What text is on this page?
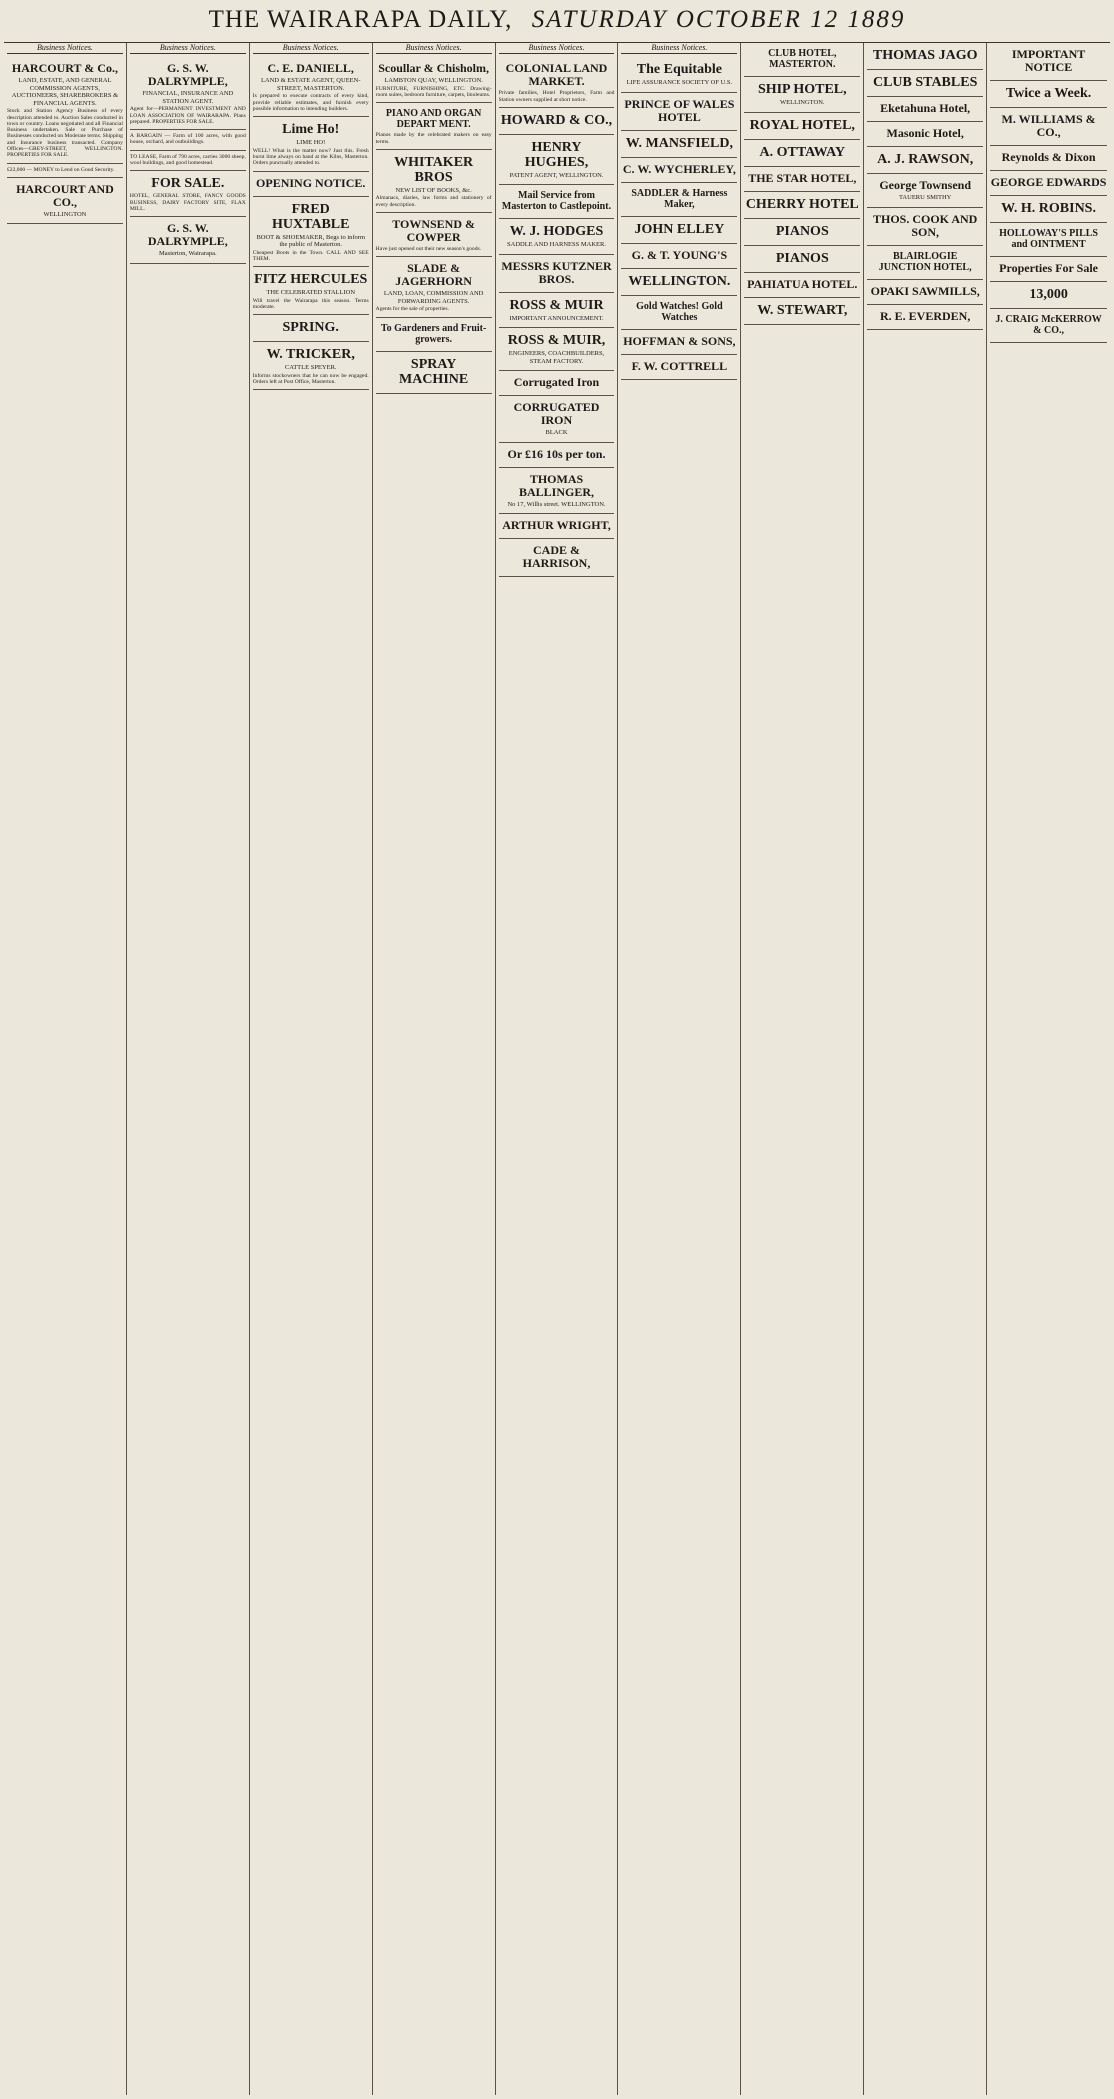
THE WAIRARAPA DAILY, SATURDAY OCTOBER 12 1889
Business Notices.
HARCOURT & Co.,
LAND, ESTATE, AND GENERAL COMMISSION AGENTS, AUCTIONEERS, SHAREBROKERS & FINANCIAL AGENTS.
Stock and Station Agency Business of every description attended to. Auction Sales conducted in town or country. Loans negotiated and all Financial Business undertaken. Sale or Purchase of Businesses conducted on Moderate terms. Shipping and Insurance business transacted. Company Offices—GREY-STREET, WELLINGTON. PROPERTIES FOR SALE.
£22,000 — MONEY to Lend on Good Security.
HARCOURT AND CO.,
WELLINGTON
Business Notices.
G. S. W. DALRYMPLE,
FINANCIAL, INSURANCE AND STATION AGENT.
Agent for—PERMANENT INVESTMENT AND LOAN ASSOCIATION OF WAIRARAPA. Plans prepared. PROPERTIES FOR SALE.
A BARGAIN — Farm of 100 acres, with good house, orchard, and outbuildings.
TO LEASE, Farm of 790 acres, carries 3000 sheep, wool buildings, and good homestead.
FOR SALE.
HOTEL, GENERAL STORE, FANCY GOODS BUSINESS, DAIRY FACTORY SITE, FLAX MILL.
G. S. W. DALRYMPLE,
Masterton, Wairarapa.
Business Notices.
C. E. DANIELL,
LAND & ESTATE AGENT, QUEEN-STREET, MASTERTON.
Is prepared to execute contracts of every kind, provide reliable estimates, and furnish every possible information to intending builders.
Lime Ho!
LIME HO!
WELL! What is the matter now? Just this. Fresh burnt lime always on hand at the Kilns, Masterton. Orders punctually attended to.
OPENING NOTICE.
FRED HUXTABLE
BOOT & SHOEMAKER, Begs to inform the public of Masterton.
Cheapest Boots in the Town. CALL AND SEE THEM.
FITZ HERCULES
THE CELEBRATED STALLION
Will travel the Wairarapa this season. Terms moderate.
SPRING.
W. TRICKER,
CATTLE SPEYER.
Informs stockowners that he can now be engaged. Orders left at Post Office, Masterton.
Business Notices.
Scoullar & Chisholm,
LAMBTON QUAY, WELLINGTON.
FURNITURE, FURNISHING, ETC. Drawing-room suites, bedroom furniture, carpets, linoleums.
PIANO AND ORGAN DEPART MENT.
Pianos made by the celebrated makers on easy terms.
WHITAKER BROS
NEW LIST OF BOOKS, &c.
Almanacs, diaries, law forms and stationery of every description.
TOWNSEND & COWPER
Have just opened out their new season's goods.
SLADE & JAGERHORN
LAND, LOAN, COMMISSION AND FORWARDING AGENTS.
Agents for the sale of properties.
To Gardeners and Fruit-growers.
SPRAY MACHINE
Business Notices.
COLONIAL LAND MARKET.
Private families, Hotel Proprietors, Farm and Station owners supplied at short notice.
HOWARD & CO.,
HENRY HUGHES,
PATENT AGENT, WELLINGTON.
Mail Service from Masterton to Castlepoint.
W. J. HODGES
SADDLE AND HARNESS MAKER.
MESSRS KUTZNER BROS.
ROSS & MUIR
IMPORTANT ANNOUNCEMENT.
ROSS & MUIR,
ENGINEERS, COACHBUILDERS, STEAM FACTORY.
Corrugated Iron
CORRUGATED IRON
BLACK
Or £16 10s per ton.
THOMAS BALLINGER,
No 17, Willis street. WELLINGTON.
ARTHUR WRIGHT,
CADE & HARRISON,
Business Notices.
The Equitable
LIFE ASSURANCE SOCIETY OF U.S.
PRINCE OF WALES HOTEL
W. MANSFIELD,
C. W. WYCHERLEY,
SADDLER & Harness Maker,
JOHN ELLEY
G. & T. YOUNG'S
WELLINGTON.
Gold Watches! Gold Watches
HOFFMAN & SONS,
F. W. COTTRELL
CLUB HOTEL, MASTERTON.
SHIP HOTEL,
WELLINGTON.
ROYAL HOTEL,
A. OTTAWAY
THE STAR HOTEL,
CHERRY HOTEL
PIANOS
PIANOS
PAHIATUA HOTEL.
W. STEWART,
THOMAS JAGO
CLUB STABLES
Eketahuna Hotel,
Masonic Hotel,
A. J. RAWSON,
George Townsend
TAUERU SMITHY
THOS. COOK AND SON,
BLAIRLOGIE JUNCTION HOTEL,
OPAKI SAWMILLS,
R. E. EVERDEN,
IMPORTANT NOTICE
Twice a Week.
M. WILLIAMS & CO.,
Reynolds & Dixon
GEORGE EDWARDS
W. H. ROBINS.
HOLLOWAY'S PILLS and OINTMENT
Properties For Sale
13,000
J. CRAIG McKERROW & CO.,
